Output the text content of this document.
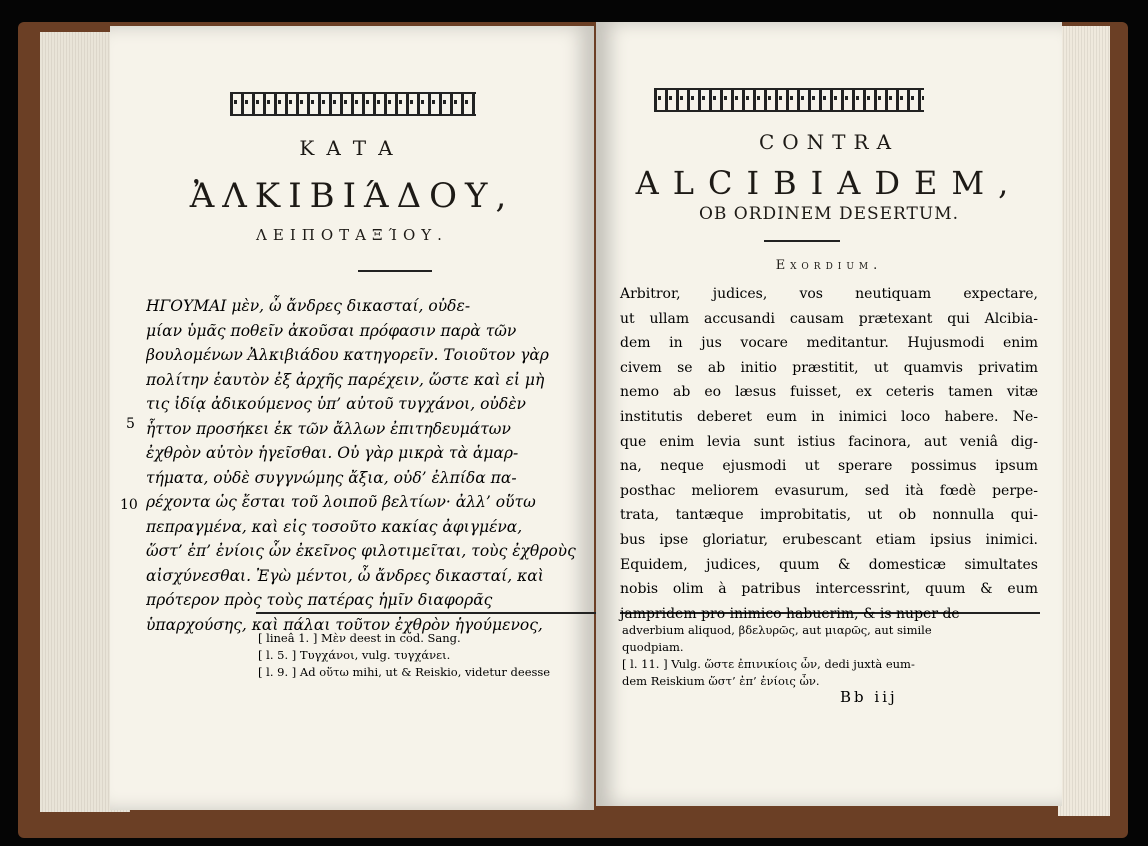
ΚΑΤΑ
ἈΛΚΙΒΙΆΔΟΥ,
ΛΕΙΠΟΤΑΞΊΟΥ.
ΗΓΟΥΜΑΙ μὲν, ὦ ἄνδρες δικασταί, οὐδε-
μίαν ὑμᾶς ποθεῖν ἀκοῦσαι πρόφασιν παρὰ τῶν
βουλομένων Ἀλκιβιάδου κατηγορεῖν. Τοιοῦτον γὰρ
πολίτην ἑαυτὸν ἐξ ἀρχῆς παρέχειν, ὥστε καὶ εἰ μὴ
τις ἰδίᾳ ἀδικούμενος ὑπ’ αὐτοῦ τυγχάνοι, οὐδὲν
ἧττον προσήκει ἐκ τῶν ἄλλων ἐπιτηδευμάτων
ἐχθρὸν αὐτὸν ἡγεῖσθαι. Οὐ γὰρ μικρὰ τὰ ἁμαρ-
τήματα, οὐδὲ συγγνώμης ἄξια, οὐδ’ ἐλπίδα πα-
ρέχοντα ὡς ἔσται τοῦ λοιποῦ βελτίων· ἀλλ’ οὕτω
πεπραγμένα, καὶ εἰς τοσοῦτο κακίας ἀφιγμένα,
ὥστ’ ἐπ’ ἐνίοις ὧν ἐκεῖνος φιλοτιμεῖται, τοὺς ἐχθροὺς
αἰσχύνεσθαι. Ἐγὼ μέντοι, ὦ ἄνδρες δικασταί, καὶ
πρότερον πρὸς τοὺς πατέρας ἡμῖν διαφορᾶς
ὑπαρχούσης, καὶ πάλαι τοῦτον ἐχθρὸν ἡγούμενος,
5
10
[ lineâ 1. ] Μὲν deest in cod. Sang.
[ l. 5. ] Τυγχάνοι, vulg. τυγχάνει.
[ l. 9. ] Ad οὕτω mihi, ut & Reiskio, videtur deesse
CONTRA
ALCIBIADEM,
OB ORDINEM DESERTUM.
Exordium.
Arbitror, judices, vos neutiquam expectare,
ut ullam accusandi causam prætexant qui Alcibia-
dem in jus vocare meditantur. Hujusmodi enim
civem se ab initio præstitit, ut quamvis privatim
nemo ab eo læsus fuisset, ex ceteris tamen vitæ
institutis deberet eum in inimici loco habere. Ne-
que enim levia sunt istius facinora, aut veniâ dig-
na, neque ejusmodi ut sperare possimus ipsum
posthac meliorem evasurum, sed ità fœdè perpe-
trata, tantæque improbitatis, ut ob nonnulla qui-
bus ipse gloriatur, erubescant etiam ipsius inimici.
Equidem, judices, quum & domesticæ simultates
nobis olim à patribus intercessrint, quum & eum
jampridem pro inimico habuerim, & is nuper de
adverbium aliquod, βδελυρῶς, aut μιαρῶς, aut simile
quodpiam.
[ l. 11. ] Vulg. ὥστε ἐπινικίοις ὧν, dedi juxtà eum-
dem Reiskium ὥστ’ ἐπ’ ἐνίοις ὧν.
Bb iij
